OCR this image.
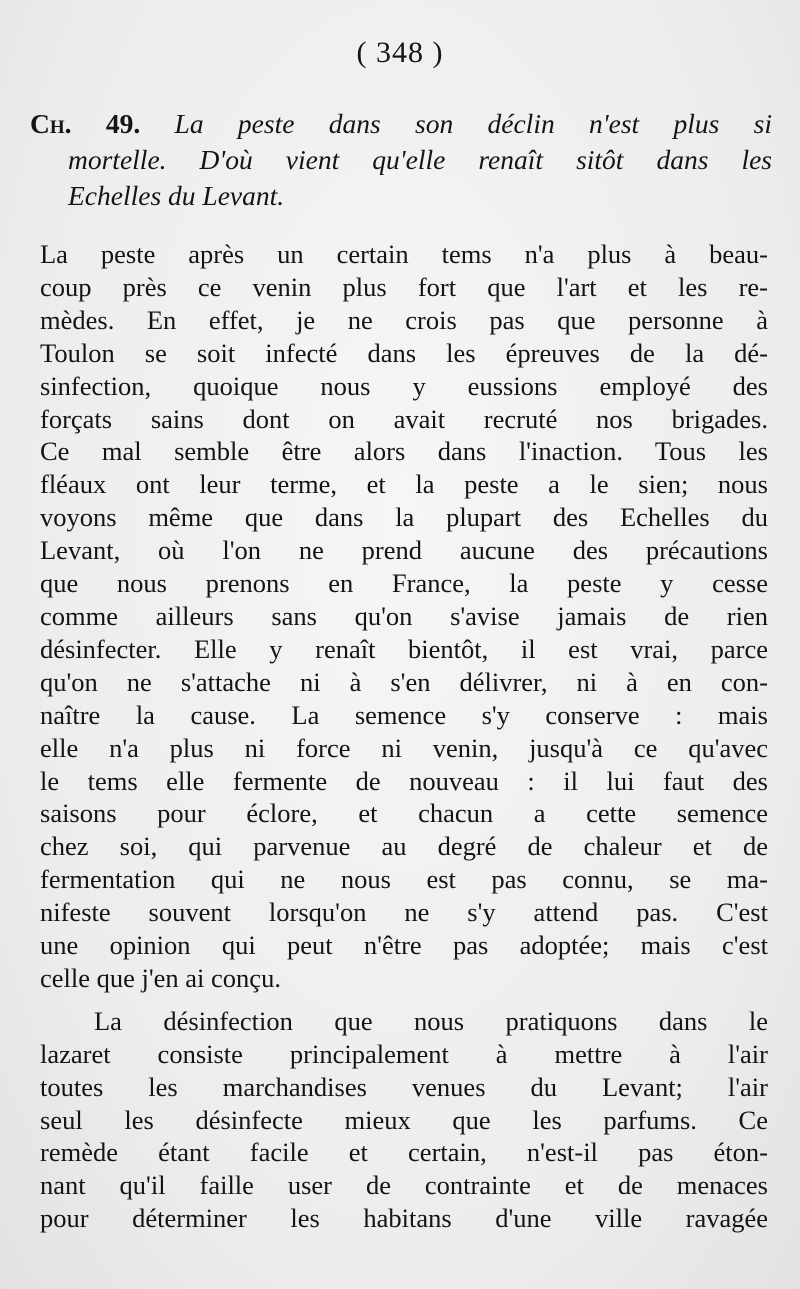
( 348 )
Ch. 49. La peste dans son déclin n'est plus si
mortelle. D'où vient qu'elle renaît sitôt dans les
Echelles du Levant.
La peste après un certain tems n'a plus à beau-
coup près ce venin plus fort que l'art et les re-
mèdes. En effet, je ne crois pas que personne à
Toulon se soit infecté dans les épreuves de la dé-
sinfection, quoique nous y eussions employé des
forçats sains dont on avait recruté nos brigades.
Ce mal semble être alors dans l'inaction. Tous les
fléaux ont leur terme, et la peste a le sien; nous
voyons même que dans la plupart des Echelles du
Levant, où l'on ne prend aucune des précautions
que nous prenons en France, la peste y cesse
comme ailleurs sans qu'on s'avise jamais de rien
désinfecter. Elle y renaît bientôt, il est vrai, parce
qu'on ne s'attache ni à s'en délivrer, ni à en con-
naître la cause. La semence s'y conserve : mais
elle n'a plus ni force ni venin, jusqu'à ce qu'avec
le tems elle fermente de nouveau : il lui faut des
saisons pour éclore, et chacun a cette semence
chez soi, qui parvenue au degré de chaleur et de
fermentation qui ne nous est pas connu, se ma-
nifeste souvent lorsqu'on ne s'y attend pas. C'est
une opinion qui peut n'être pas adoptée; mais c'est
celle que j'en ai conçu.
La désinfection que nous pratiquons dans le
lazaret consiste principalement à mettre à l'air
toutes les marchandises venues du Levant; l'air
seul les désinfecte mieux que les parfums. Ce
remède étant facile et certain, n'est-il pas éton-
nant qu'il faille user de contrainte et de menaces
pour déterminer les habitans d'une ville ravagée
